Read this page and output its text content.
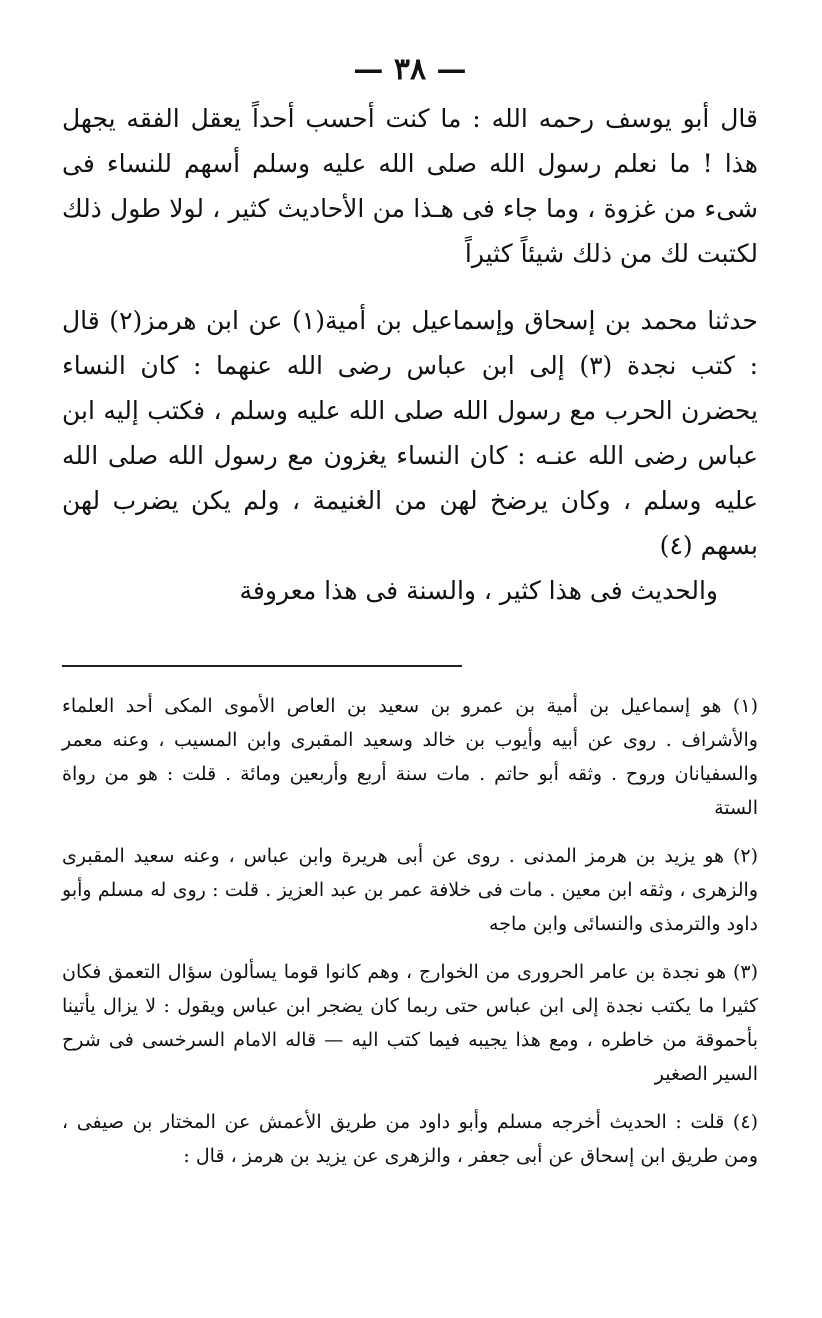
— ٣٨ —

قال أبو يوسف رحمه الله : ما كنت أحسب أحداً يعقل الفقه يجهل هذا ! ما نعلم رسول الله صلى الله عليه وسلم أسهم للنساء فى شىء من غزوة ، وما جاء فى هـذا من الأحاديث كثير ، لولا طول ذلك لكتبت لك من ذلك شيئاً كثيراً

حدثنا محمد بن إسحاق وإسماعيل بن أمية(١) عن ابن هرمز(٢) قال : كتب نجدة (٣) إلى ابن عباس رضى الله عنهما : كان النساء يحضرن الحرب مع رسول الله صلى الله عليه وسلم ، فكتب إليه ابن عباس رضى الله عنـه : كان النساء يغزون مع رسول الله صلى الله عليه وسلم ، وكان يرضخ لهن من الغنيمة ، ولم يكن يضرب لهن بسهم (٤)

والحديث فى هذا كثير ، والسنة فى هذا معروفة

(١) هو إسماعيل بن أمية بن عمرو بن سعيد بن العاص الأموى المكى أحد العلماء والأشراف . روى عن أبيه وأيوب بن خالد وسعيد المقبرى وابن المسيب ، وعنه معمر والسفيانان وروح . وثقه أبو حاتم . مات سنة أربع وأربعين ومائة . قلت : هو من رواة الستة

(٢) هو يزيد بن هرمز المدنى . روى عن أبى هريرة وابن عباس ، وعنه سعيد المقبرى والزهرى ، وثقه ابن معين . مات فى خلافة عمر بن عبد العزيز . قلت : روى له مسلم وأبو داود والترمذى والنسائى وابن ماجه

(٣) هو نجدة بن عامر الحرورى من الخوارج ، وهم كانوا قوما يسألون سؤال التعمق فكان كثيرا ما يكتب نجدة إلى ابن عباس حتى ربما كان يضجر ابن عباس ويقول : لا يزال يأتينا بأحموقة من خاطره ، ومع هذا يجيبه فيما كتب اليه — قاله الامام السرخسى فى شرح السير الصغير

(٤) قلت : الحديث أخرجه مسلم وأبو داود من طريق الأعمش عن المختار بن صيفى ، ومن طريق ابن إسحاق عن أبى جعفر ، والزهرى عن يزيد بن هرمز ، قال :
